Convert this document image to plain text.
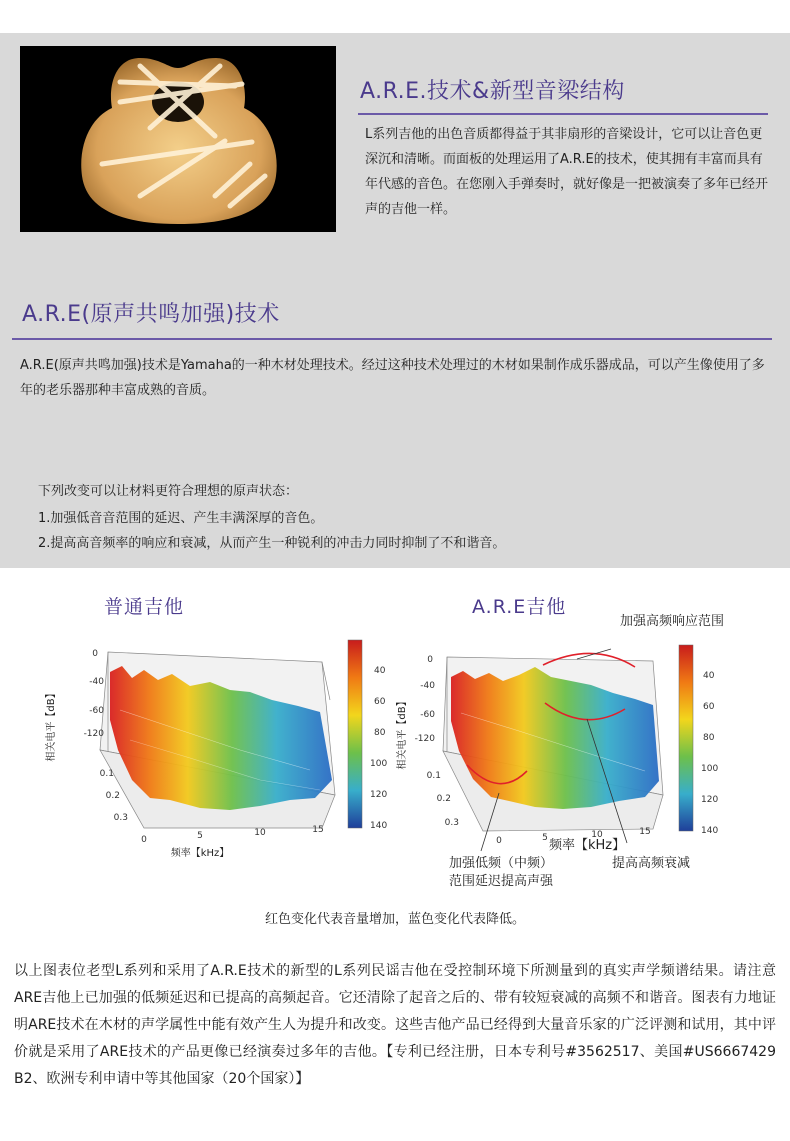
A.R.E.技术&新型音梁结构
L系列吉他的出色音质都得益于其非扇形的音梁设计，它可以让音色更深沉和清晰。而面板的处理运用了A.R.E的技术，使其拥有丰富而具有年代感的音色。在您刚入手弹奏时，就好像是一把被演奏了多年已经开声的吉他一样。
A.R.E(原声共鸣加强)技术
A.R.E(原声共鸣加强)技术是Yamaha的一种木材处理技术。经过这种技术处理过的木材如果制作成乐器成品，可以产生像使用了多年的老乐器那种丰富成熟的音质。
下列改变可以让材料更符合理想的原声状态：
1.加强低音音范围的延迟、产生丰满深厚的音色。
2.提高高音频率的响应和衰减，从而产生一种锐利的冲击力同时抑制了不和谐音。
普通吉他	A.R.E吉他
0
-40
-60
-120
0.1
0.2
0.3
0	5	10	15
频率【kHz】
相关电平【dB】
40
60
80
100
120
140
0
-40
-60
-120
0.1
0.2
0.3
0	5	10	15
相关电平【dB】
40
60
80
100
120
140
加强高频响应范围
频率【kHz】
加强低频（中频）
范围延迟提高声强
提高高频衰减
红色变化代表音量增加，蓝色变化代表降低。
以上图表位老型L系列和采用了A.R.E技术的新型的L系列民谣吉他在受控制环境下所测量到的真实声学频谱结果。请注意ARE吉他上已加强的低频延迟和已提高的高频起音。它还清除了起音之后的、带有较短衰减的高频不和谐音。图表有力地证明ARE技术在木材的声学属性中能有效产生人为提升和改变。这些吉他产品已经得到大量音乐家的广泛评测和试用，其中评价就是采用了ARE技术的产品更像已经演奏过多年的吉他。【专利已经注册，日本专利号#3562517、美国#US6667429 B2、欧洲专利申请中等其他国家（20个国家）】
